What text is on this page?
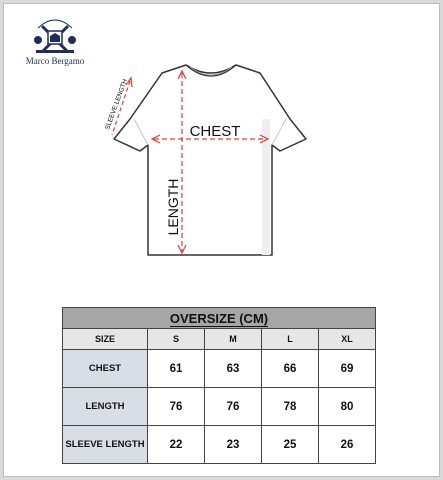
Marco Bergamo
CHEST
LENGTH
SLEEVE LENGTH
OVERSIZE (CM)				
SIZE	S	M	L	XL
CHEST	61	63	66	69
LENGTH	76	76	78	80
SLEEVE LENGTH	22	23	25	26
